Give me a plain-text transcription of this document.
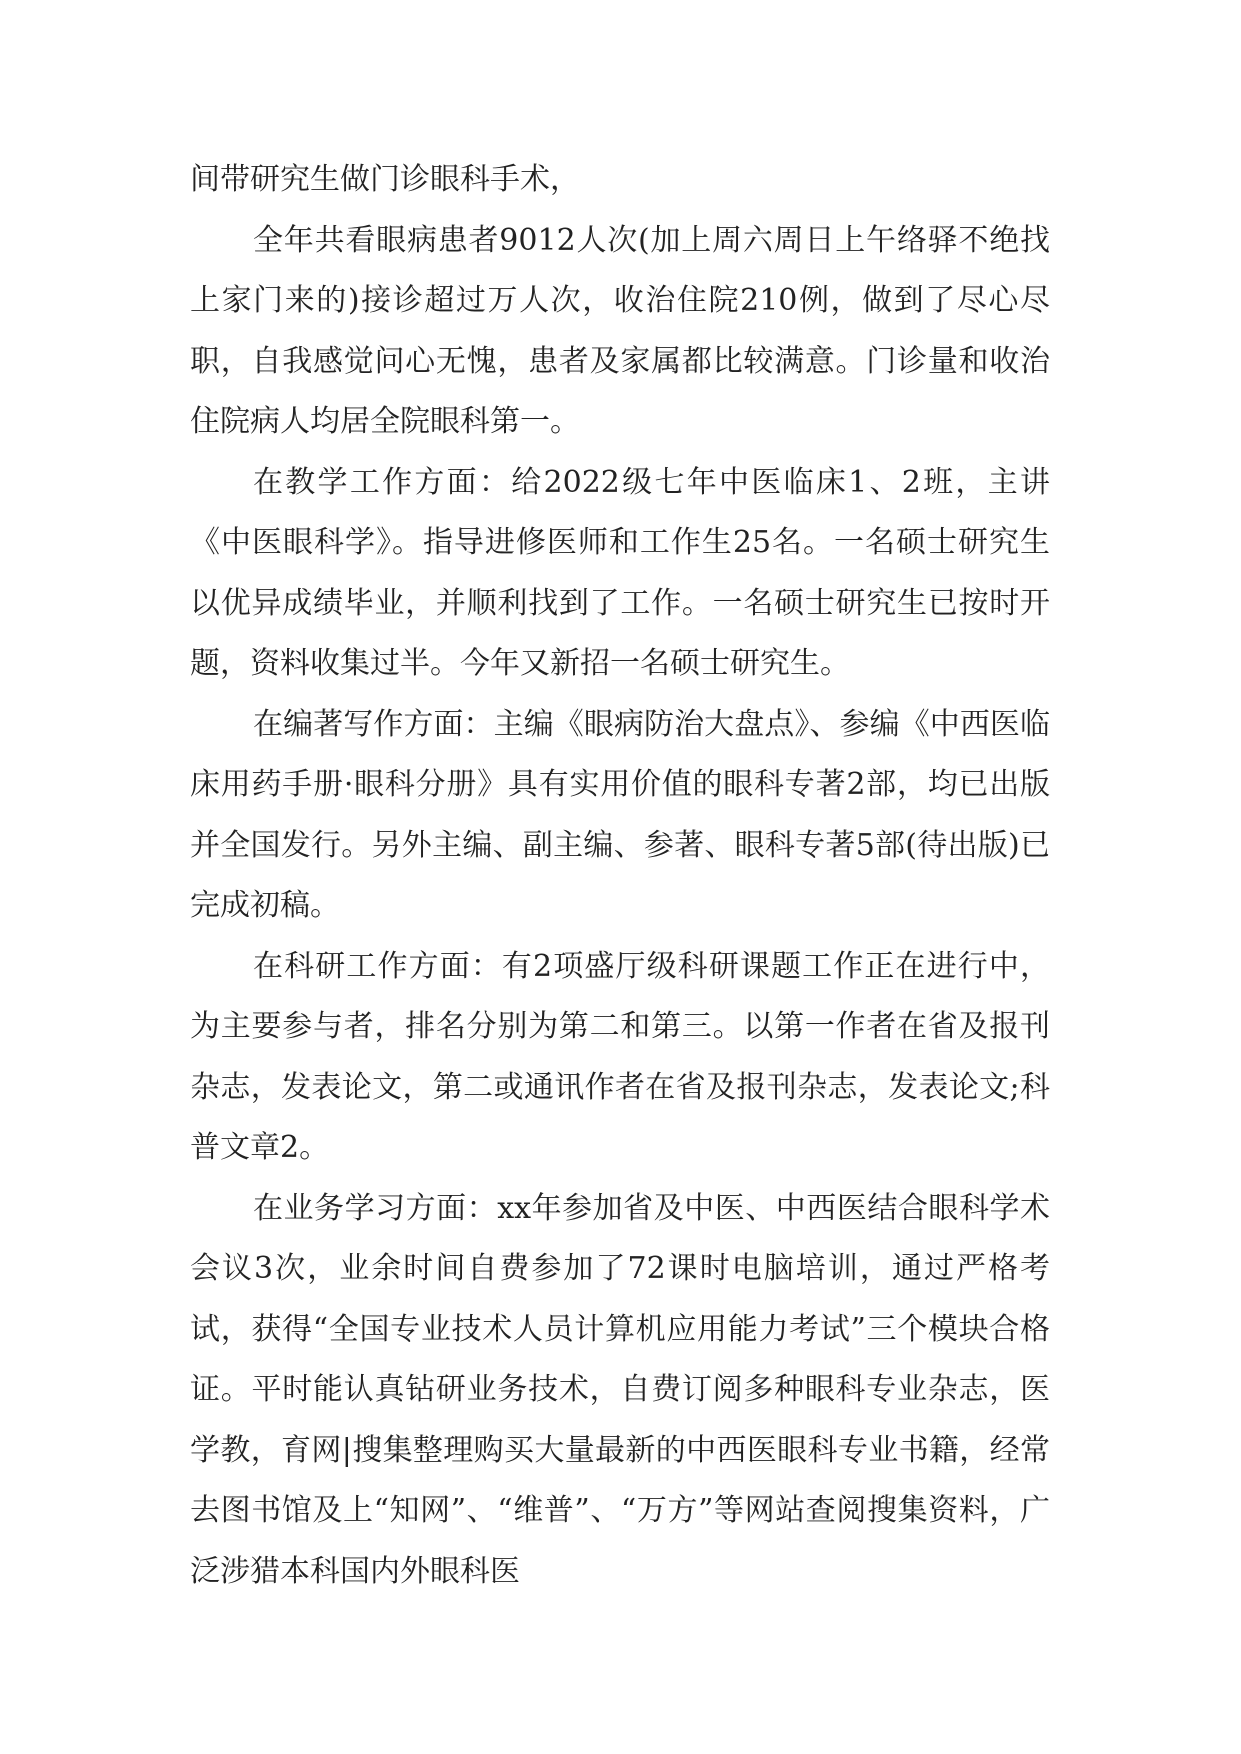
间带研究生做门诊眼科手术，

全年共看眼病患者9012人次(加上周六周日上午络驿不绝找上家门来的)接诊超过万人次，收治住院210例，做到了尽心尽职，自我感觉问心无愧，患者及家属都比较满意。门诊量和收治住院病人均居全院眼科第一。

在教学工作方面：给2022级七年中医临床1、2班，主讲《中医眼科学》。指导进修医师和工作生25名。一名硕士研究生以优异成绩毕业，并顺利找到了工作。一名硕士研究生已按时开题，资料收集过半。今年又新招一名硕士研究生。

在编著写作方面：主编《眼病防治大盘点》、参编《中西医临床用药手册·眼科分册》具有实用价值的眼科专著2部，均已出版并全国发行。另外主编、副主编、参著、眼科专著5部(待出版)已完成初稿。

在科研工作方面：有2项盛厅级科研课题工作正在进行中，为主要参与者，排名分别为第二和第三。以第一作者在省及报刊杂志，发表论文，第二或通讯作者在省及报刊杂志，发表论文;科普文章2。

在业务学习方面：xx年参加省及中医、中西医结合眼科学术会议3次，业余时间自费参加了72课时电脑培训，通过严格考试，获得“全国专业技术人员计算机应用能力考试”三个模块合格证。平时能认真钻研业务技术，自费订阅多种眼科专业杂志，医学教，育网|搜集整理购买大量最新的中西医眼科专业书籍，经常去图书馆及上“知网”、“维普”、“万方”等网站查阅搜集资料，广泛涉猎本科国内外眼科医
